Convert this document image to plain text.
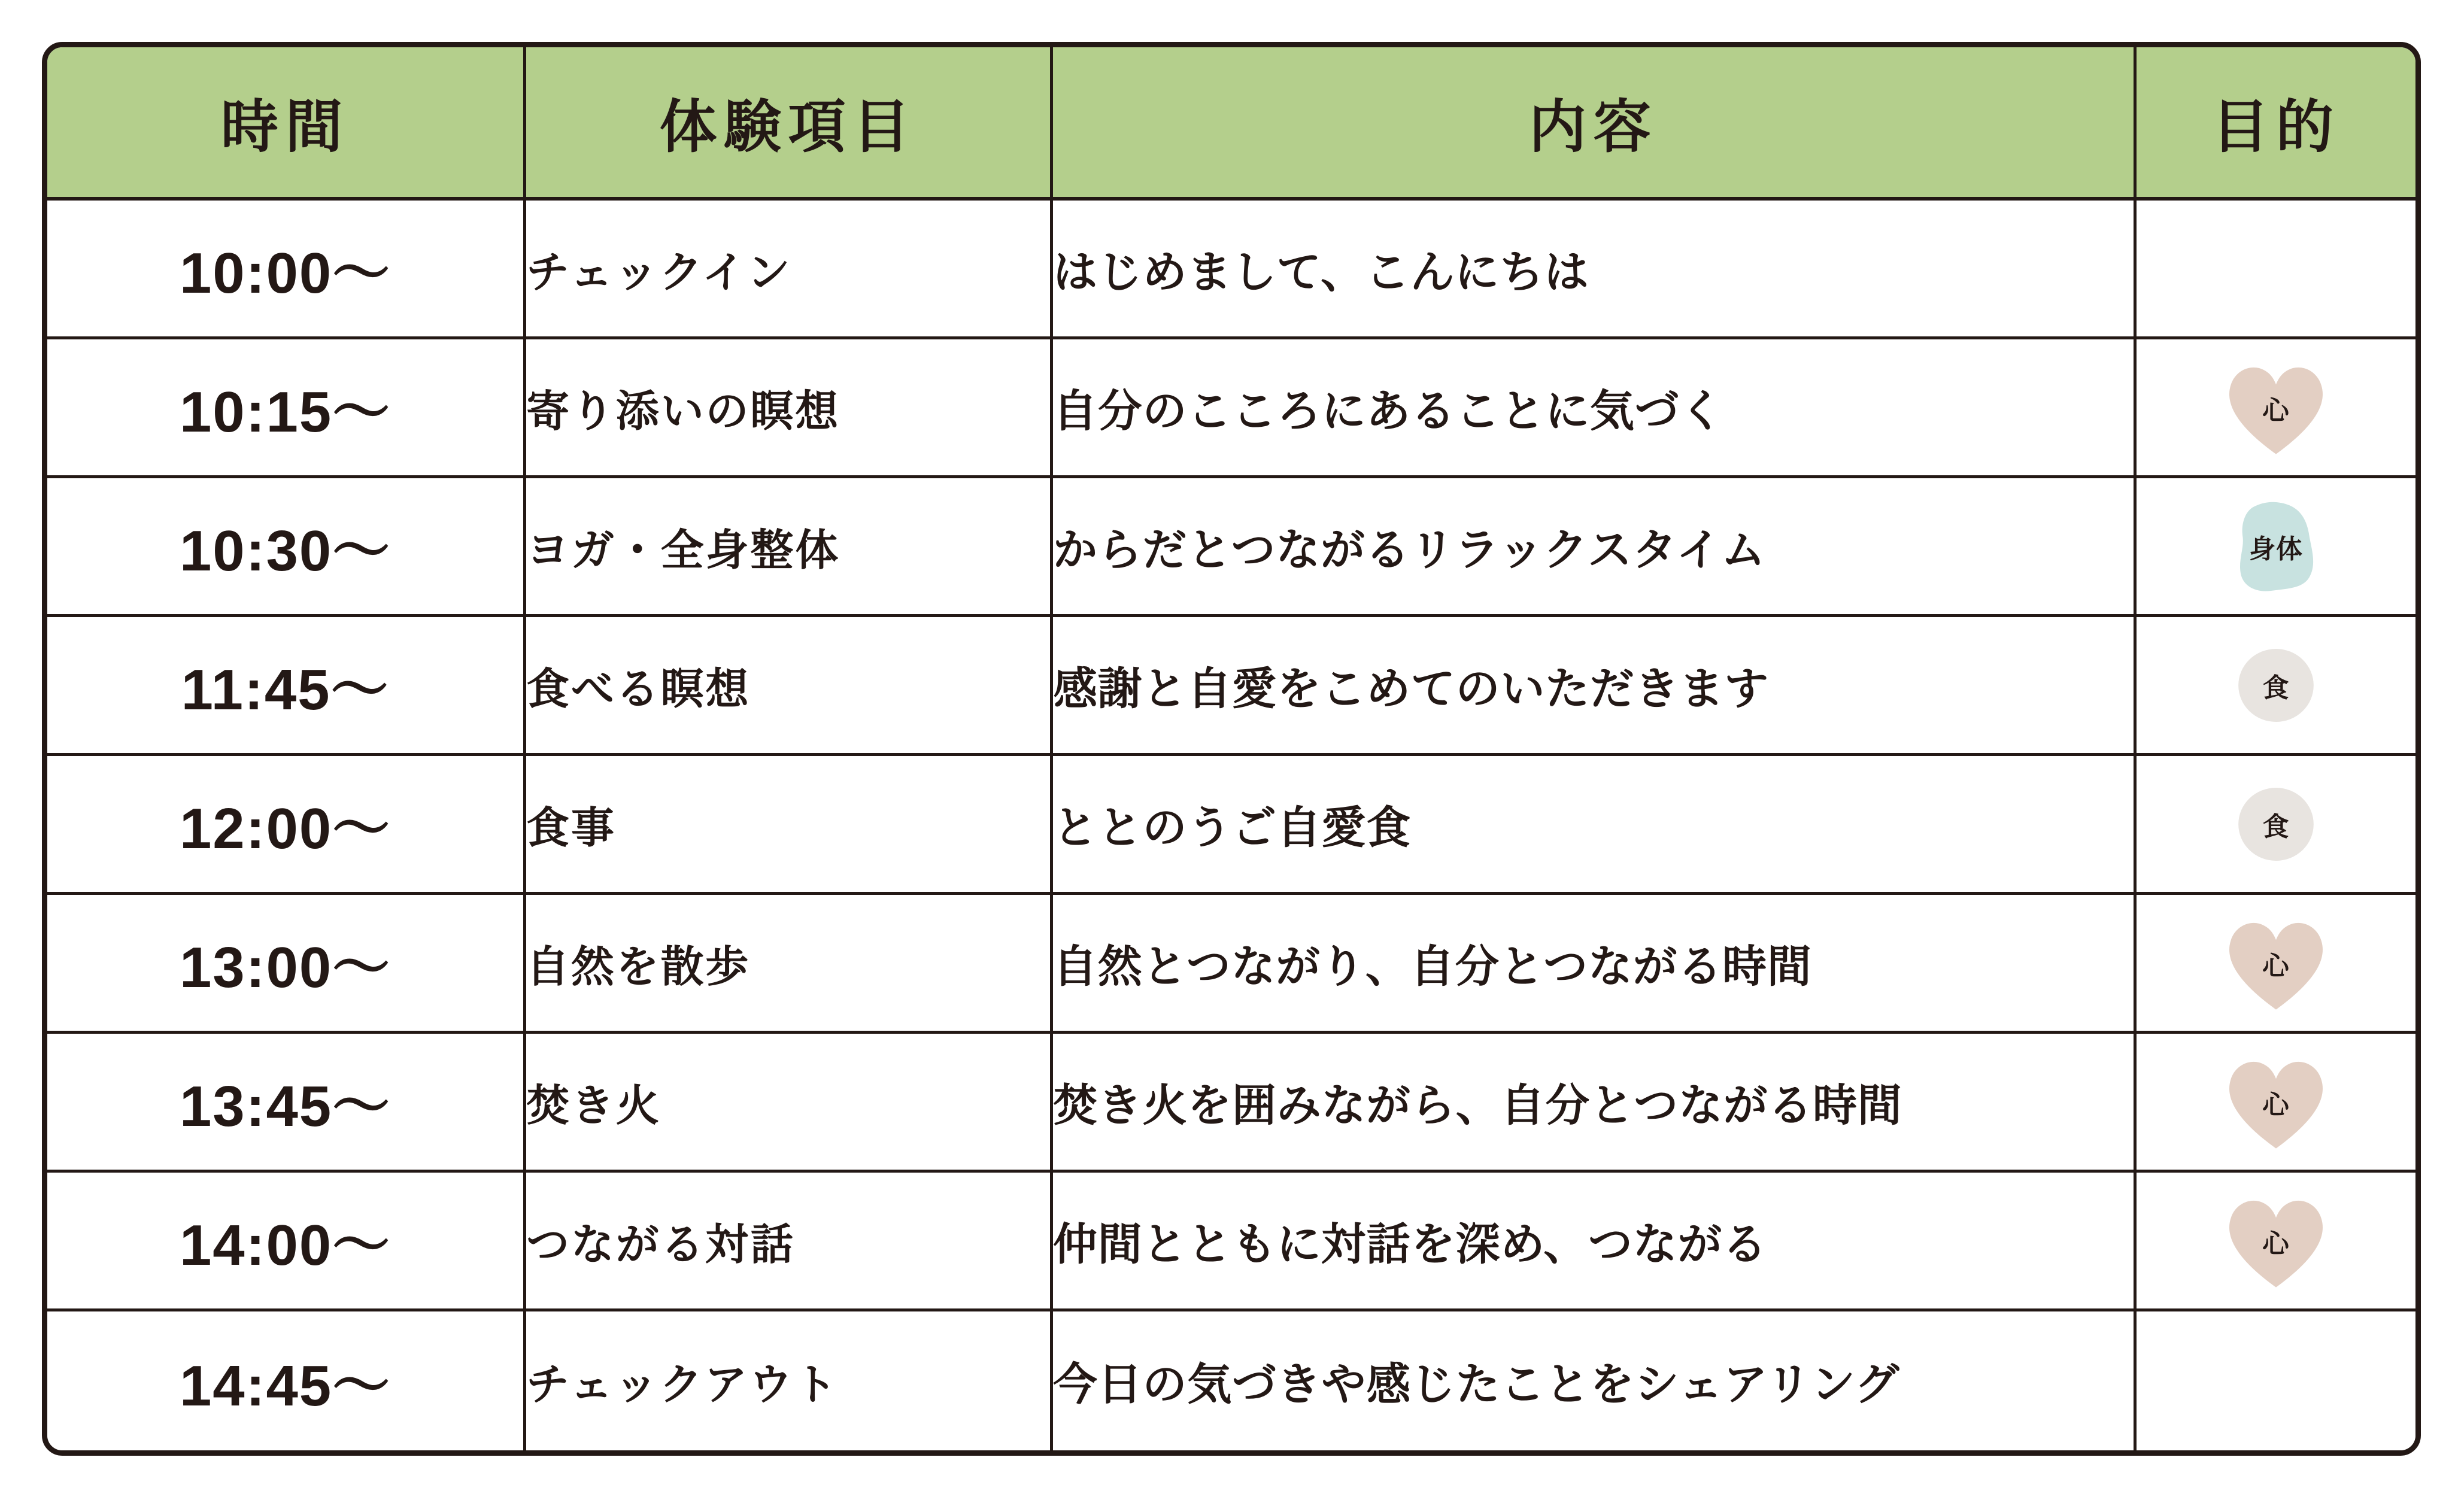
時間	体験項目	内容	目的
10:00〜	チェックイン	はじめまして、こんにちは	
10:15〜	寄り添いの瞑想	自分のこころにあることに気づく	心

10:30〜	ヨガ・全身整体	からだとつながるリラックスタイム	身体

11:45〜	食べる瞑想	感謝と自愛をこめてのいただきます	食

12:00〜	食事	ととのうご自愛食	食

13:00〜	自然を散歩	自然とつながり、自分とつながる時間	心

13:45〜	焚き火	焚き火を囲みながら、自分とつながる時間	心

14:00〜	つながる対話	仲間とともに対話を深め、つながる	心

14:45〜	チェックアウト	今日の気づきや感じたことをシェアリング	
